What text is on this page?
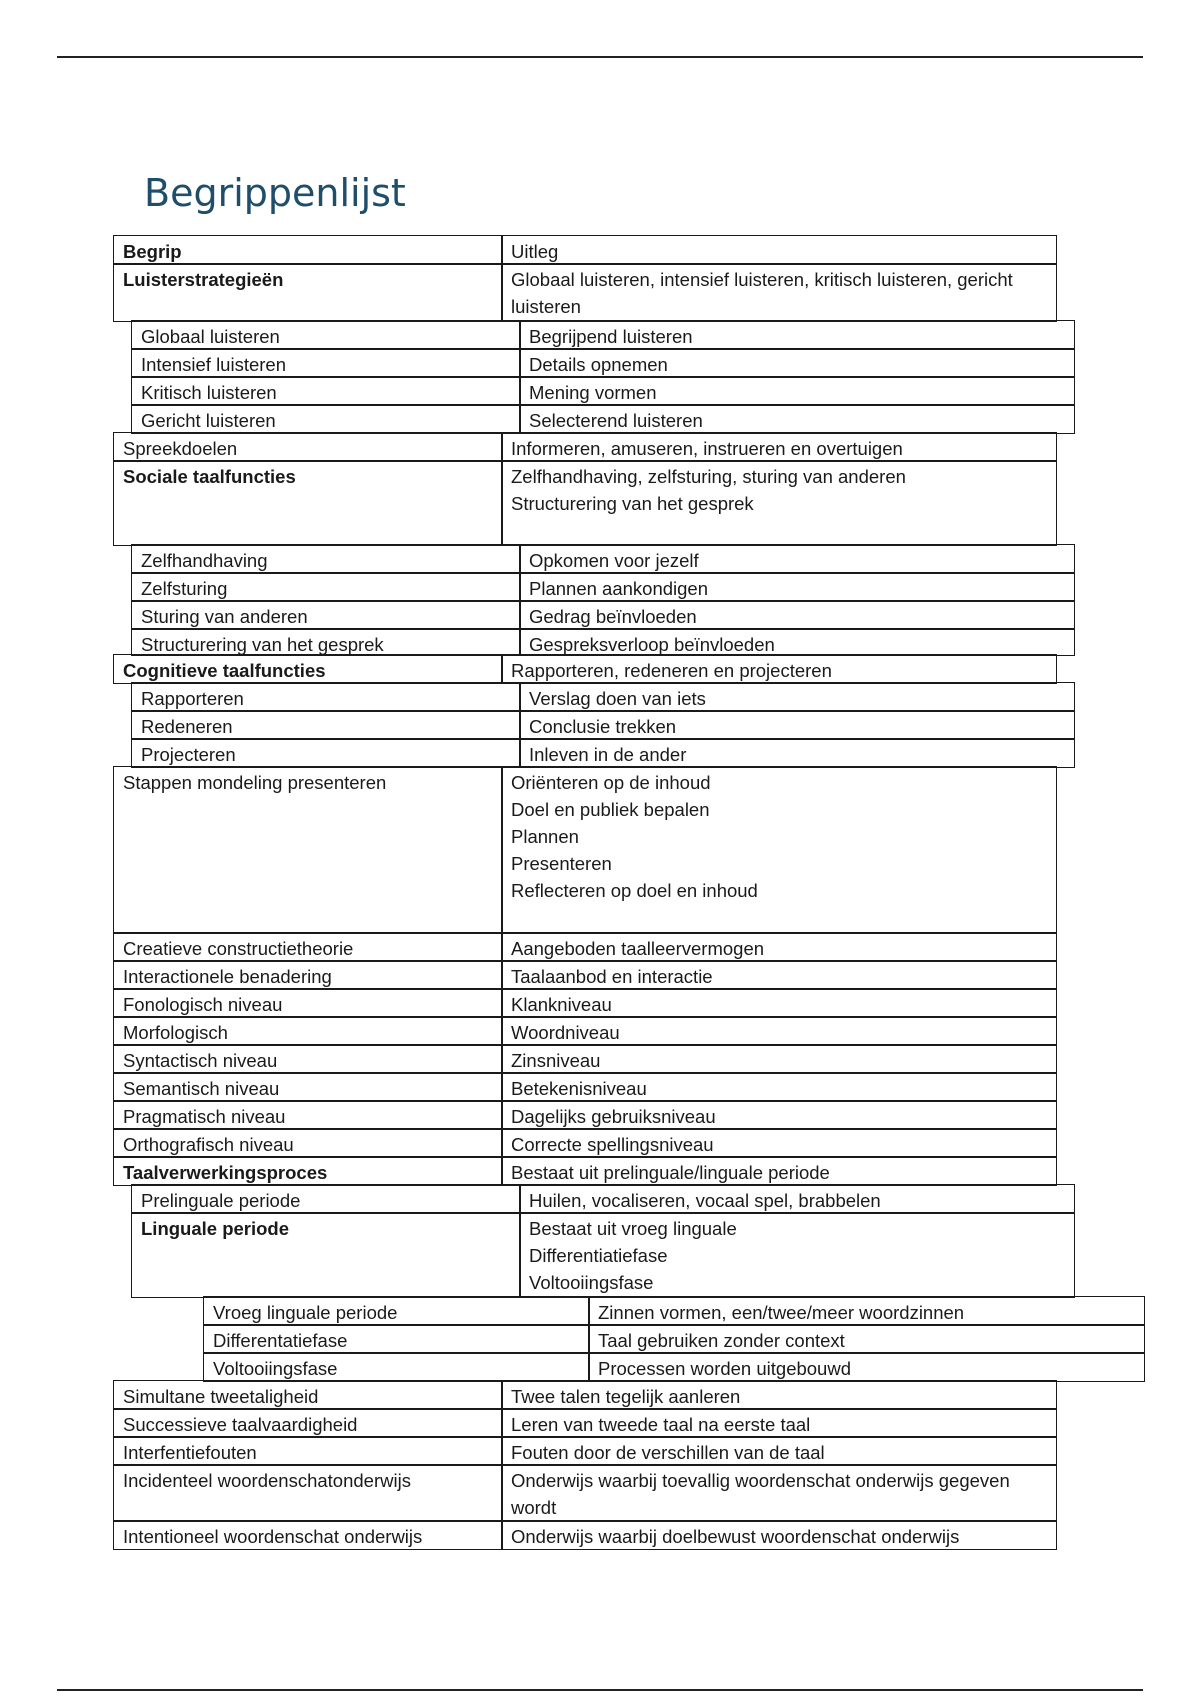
Begrippenlijst
Begrip	Uitleg
Luisterstrategieën	Globaal luisteren, intensief luisteren, kritisch luisteren, gericht luisteren
Globaal luisteren	Begrijpend luisteren
Intensief luisteren	Details opnemen
Kritisch luisteren	Mening vormen
Gericht luisteren	Selecterend luisteren
Spreekdoelen	Informeren, amuseren, instrueren en overtuigen
Sociale taalfuncties	Zelfhandhaving, zelfsturing, sturing van anderen
Structurering van het gesprek
Zelfhandhaving	Opkomen voor jezelf
Zelfsturing	Plannen aankondigen
Sturing van anderen	Gedrag beïnvloeden
Structurering van het gesprek	Gespreksverloop beïnvloeden
Cognitieve taalfuncties	Rapporteren, redeneren en projecteren
Rapporteren	Verslag doen van iets
Redeneren	Conclusie trekken
Projecteren	Inleven in de ander
Stappen mondeling presenteren	Oriënteren op de inhoud
Doel en publiek bepalen
Plannen
Presenteren
Reflecteren op doel en inhoud
Creatieve constructietheorie	Aangeboden taalleervermogen
Interactionele benadering	Taalaanbod en interactie
Fonologisch niveau	Klankniveau
Morfologisch	Woordniveau
Syntactisch niveau	Zinsniveau
Semantisch niveau	Betekenisniveau
Pragmatisch niveau	Dagelijks gebruiksniveau
Orthografisch niveau	Correcte spellingsniveau
Taalverwerkingsproces	Bestaat uit prelinguale/linguale periode
Prelinguale periode	Huilen, vocaliseren, vocaal spel, brabbelen
Linguale periode	Bestaat uit vroeg linguale
Differentiatiefase
Voltooiingsfase
Vroeg linguale periode	Zinnen vormen, een/twee/meer woordzinnen
Differentatiefase	Taal gebruiken zonder context
Voltooiingsfase	Processen worden uitgebouwd
Simultane tweetaligheid	Twee talen tegelijk aanleren
Successieve taalvaardigheid	Leren van tweede taal na eerste taal
Interfentiefouten	Fouten door de verschillen van de taal
Incidenteel woordenschatonderwijs	Onderwijs waarbij toevallig woordenschat onderwijs gegeven wordt
Intentioneel woordenschat onderwijs	Onderwijs waarbij doelbewust woordenschat onderwijs
